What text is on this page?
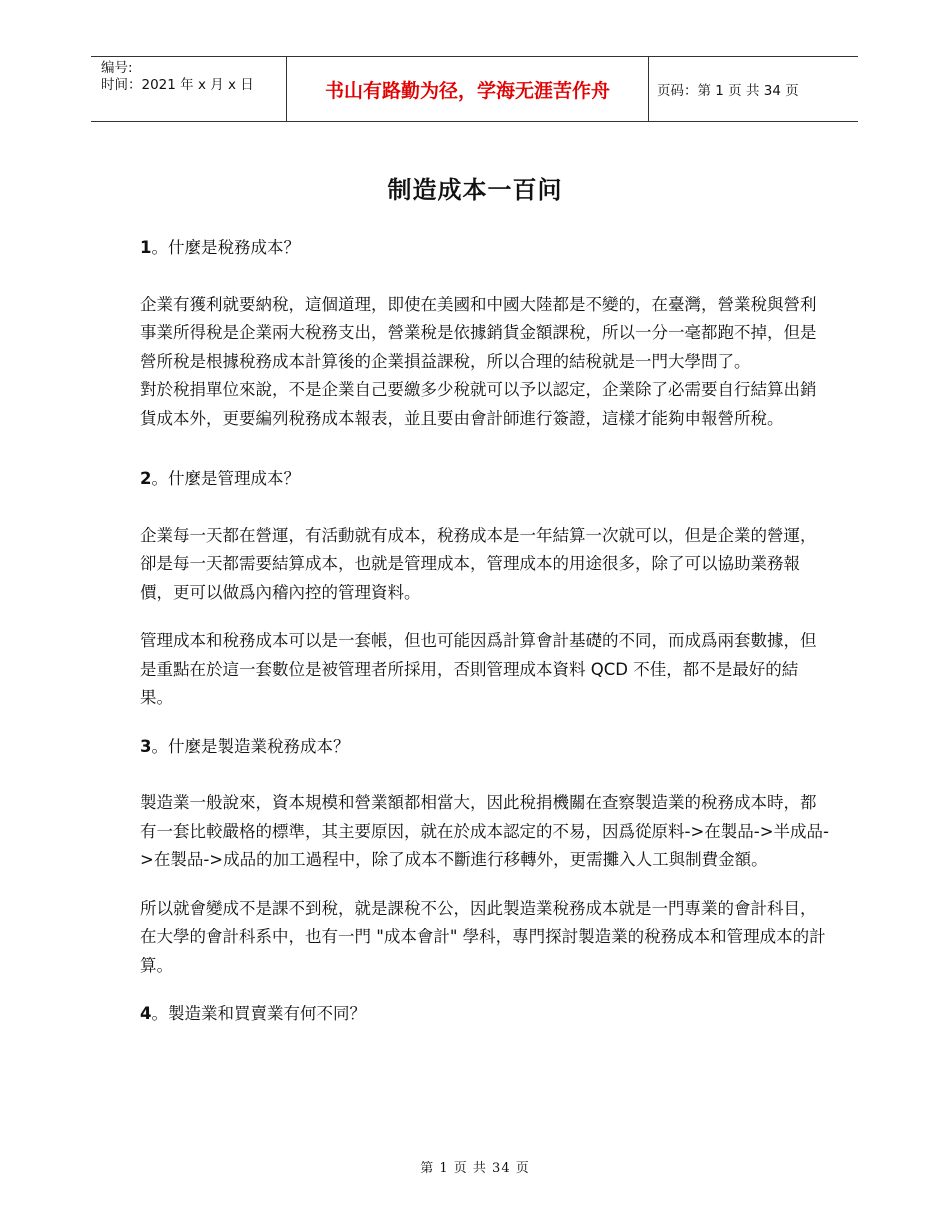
编号:
时间：2021 年 x 月 x 日	书山有路勤为径，学海无涯苦作舟	页码：第 1 页 共 34 页
制造成本一百问

1。什麼是稅務成本？

企業有獲利就要納稅，這個道理，即使在美國和中國大陸都是不變的，在臺灣，營業稅與營利事業所得稅是企業兩大稅務支出，營業稅是依據銷貨金額課稅，所以一分一毫都跑不掉，但是營所稅是根據稅務成本計算後的企業損益課稅，所以合理的結稅就是一門大學問了。

對於稅捐單位來說，不是企業自己要繳多少稅就可以予以認定，企業除了必需要自行結算出銷貨成本外，更要編列稅務成本報表，並且要由會計師進行簽證，這樣才能夠申報營所稅。

2。什麼是管理成本？

企業每一天都在營運，有活動就有成本，稅務成本是一年結算一次就可以，但是企業的營運，卻是每一天都需要結算成本，也就是管理成本，管理成本的用途很多，除了可以協助業務報價，更可以做爲內稽內控的管理資料。

管理成本和稅務成本可以是一套帳，但也可能因爲計算會計基礎的不同，而成爲兩套數據，但是重點在於這一套數位是被管理者所採用，否則管理成本資料 QCD 不佳，都不是最好的結果。

3。什麼是製造業稅務成本？

製造業一般說來，資本規模和營業額都相當大，因此稅捐機關在查察製造業的稅務成本時，都有一套比較嚴格的標準，其主要原因，就在於成本認定的不易，因爲從原料->在製品->半成品->在製品->成品的加工過程中，除了成本不斷進行移轉外，更需攤入人工與制費金額。

所以就會變成不是課不到稅，就是課稅不公，因此製造業稅務成本就是一門專業的會計科目，在大學的會計科系中，也有一門 "成本會計" 學科，專門探討製造業的稅務成本和管理成本的計算。

4。製造業和買賣業有何不同？

第 1 页 共 34 页
